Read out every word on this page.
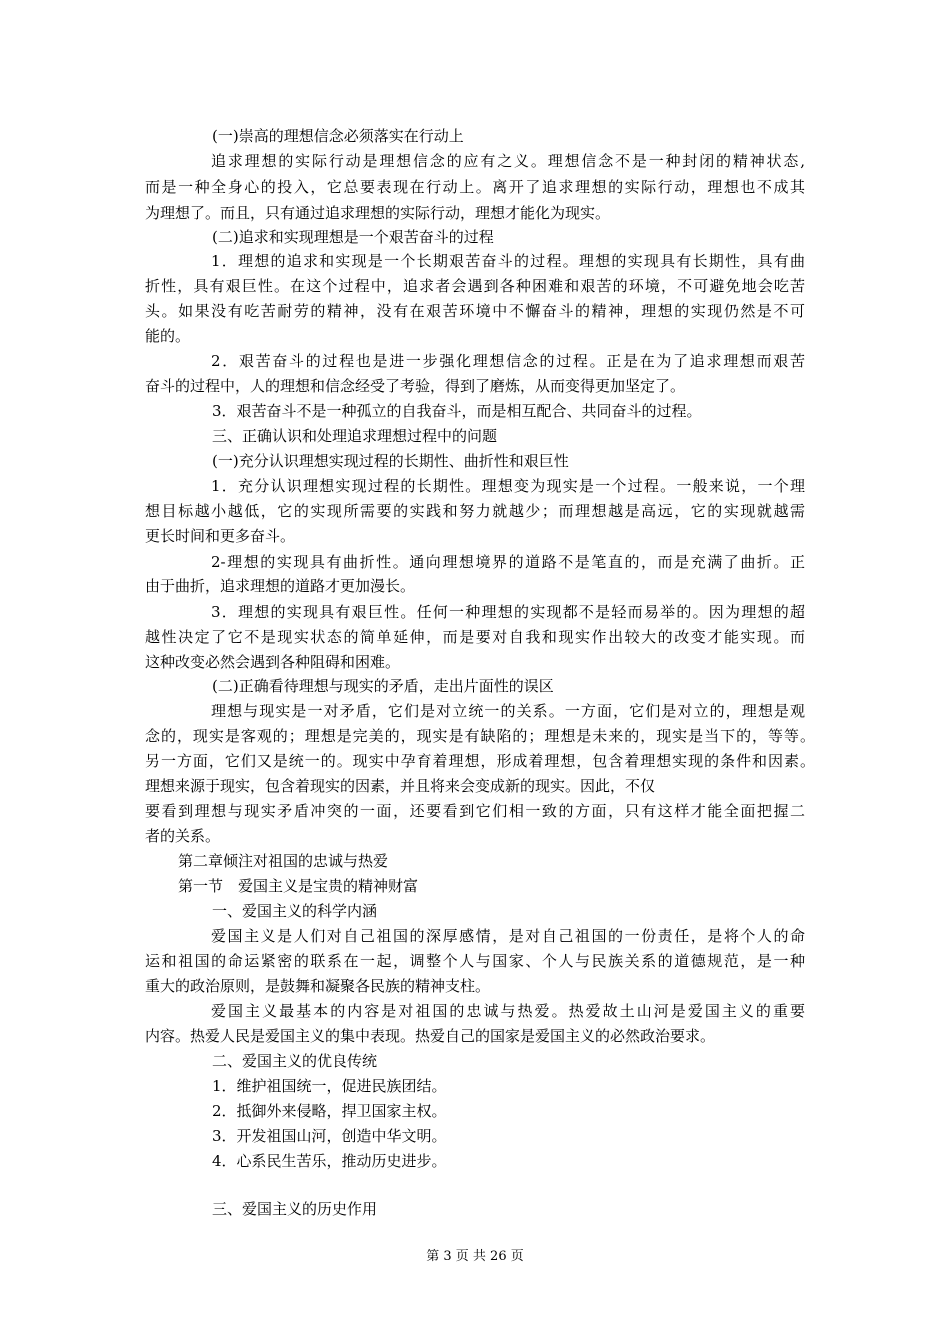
(一)崇高的理想信念必须落实在行动上
追求理想的实际行动是理想信念的应有之义。理想信念不是一种封闭的精神状态,
而是一种全身心的投入，它总要表现在行动上。离开了追求理想的实际行动，理想也不成其
为理想了。而且，只有通过追求理想的实际行动，理想才能化为现实。
(二)追求和实现理想是一个艰苦奋斗的过程
1．理想的追求和实现是一个长期艰苦奋斗的过程。理想的实现具有长期性，具有曲
折性，具有艰巨性。在这个过程中，追求者会遇到各种困难和艰苦的环境，不可避免地会吃苦
头。如果没有吃苦耐劳的精神，没有在艰苦环境中不懈奋斗的精神，理想的实现仍然是不可
能的。
2．艰苦奋斗的过程也是进一步强化理想信念的过程。正是在为了追求理想而艰苦
奋斗的过程中，人的理想和信念经受了考验，得到了磨炼，从而变得更加坚定了。
3．艰苦奋斗不是一种孤立的自我奋斗，而是相互配合、共同奋斗的过程。
三、正确认识和处理追求理想过程中的问题
(一)充分认识理想实现过程的长期性、曲折性和艰巨性
1．充分认识理想实现过程的长期性。理想变为现实是一个过程。一般来说，一个理
想目标越小越低，它的实现所需要的实践和努力就越少；而理想越是高远，它的实现就越需
更长时间和更多奋斗。
2-理想的实现具有曲折性。通向理想境界的道路不是笔直的，而是充满了曲折。正
由于曲折，追求理想的道路才更加漫长。
3．理想的实现具有艰巨性。任何一种理想的实现都不是轻而易举的。因为理想的超
越性决定了它不是现实状态的简单延伸，而是要对自我和现实作出较大的改变才能实现。而
这种改变必然会遇到各种阻碍和困难。
(二)正确看待理想与现实的矛盾，走出片面性的误区
理想与现实是一对矛盾，它们是对立统一的关系。一方面，它们是对立的，理想是观
念的，现实是客观的；理想是完美的，现实是有缺陷的；理想是未来的，现实是当下的，等等。
另一方面，它们又是统一的。现实中孕育着理想，形成着理想，包含着理想实现的条件和因素。
理想来源于现实，包含着现实的因素，并且将来会变成新的现实。因此，不仅
要看到理想与现实矛盾冲突的一面，还要看到它们相一致的方面，只有这样才能全面把握二
者的关系。
第二章倾注对祖国的忠诚与热爱
第一节　爱国主义是宝贵的精神财富
一、爱国主义的科学内涵
爱国主义是人们对自己祖国的深厚感情，是对自己祖国的一份责任，是将个人的命
运和祖国的命运紧密的联系在一起，调整个人与国家、个人与民族关系的道德规范，是一种
重大的政治原则，是鼓舞和凝聚各民族的精神支柱。
爱国主义最基本的内容是对祖国的忠诚与热爱。热爱故土山河是爱国主义的重要
内容。热爱人民是爱国主义的集中表现。热爱自己的国家是爱国主义的必然政治要求。
二、爱国主义的优良传统
1．维护祖国统一，促进民族团结。
2．抵御外来侵略，捍卫国家主权。
3．开发祖国山河，创造中华文明。
4．心系民生苦乐，推动历史进步。
三、爱国主义的历史作用
第 3 页 共 26 页
